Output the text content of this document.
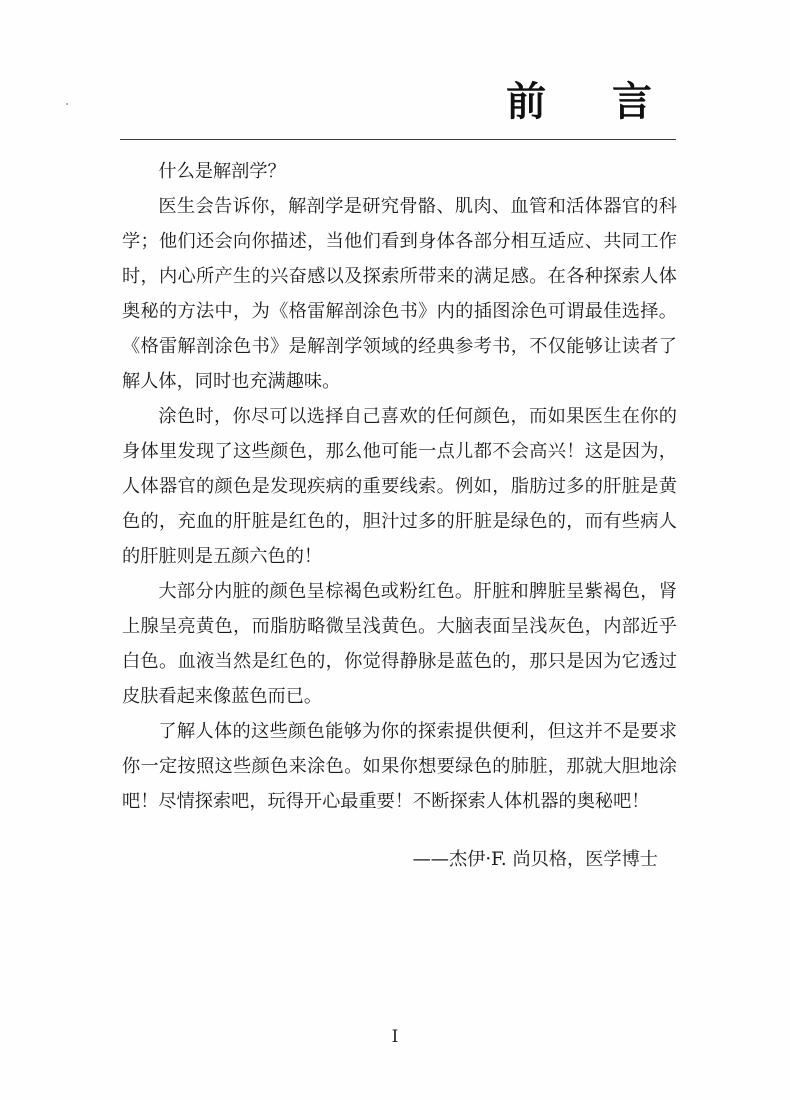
前 言

什么是解剖学？

医生会告诉你，解剖学是研究骨骼、肌肉、血管和活体器官的科学；他们还会向你描述，当他们看到身体各部分相互适应、共同工作时，内心所产生的兴奋感以及探索所带来的满足感。在各种探索人体奥秘的方法中，为《格雷解剖涂色书》内的插图涂色可谓最佳选择。《格雷解剖涂色书》是解剖学领域的经典参考书，不仅能够让读者了解人体，同时也充满趣味。

涂色时，你尽可以选择自己喜欢的任何颜色，而如果医生在你的身体里发现了这些颜色，那么他可能一点儿都不会高兴！这是因为，人体器官的颜色是发现疾病的重要线索。例如，脂肪过多的肝脏是黄色的，充血的肝脏是红色的，胆汁过多的肝脏是绿色的，而有些病人的肝脏则是五颜六色的！

大部分内脏的颜色呈棕褐色或粉红色。肝脏和脾脏呈紫褐色，肾上腺呈亮黄色，而脂肪略微呈浅黄色。大脑表面呈浅灰色，内部近乎白色。血液当然是红色的，你觉得静脉是蓝色的，那只是因为它透过皮肤看起来像蓝色而已。

了解人体的这些颜色能够为你的探索提供便利，但这并不是要求你一定按照这些颜色来涂色。如果你想要绿色的肺脏，那就大胆地涂吧！尽情探索吧，玩得开心最重要！不断探索人体机器的奥秘吧！

——杰伊·F. 尚贝格，医学博士

I
